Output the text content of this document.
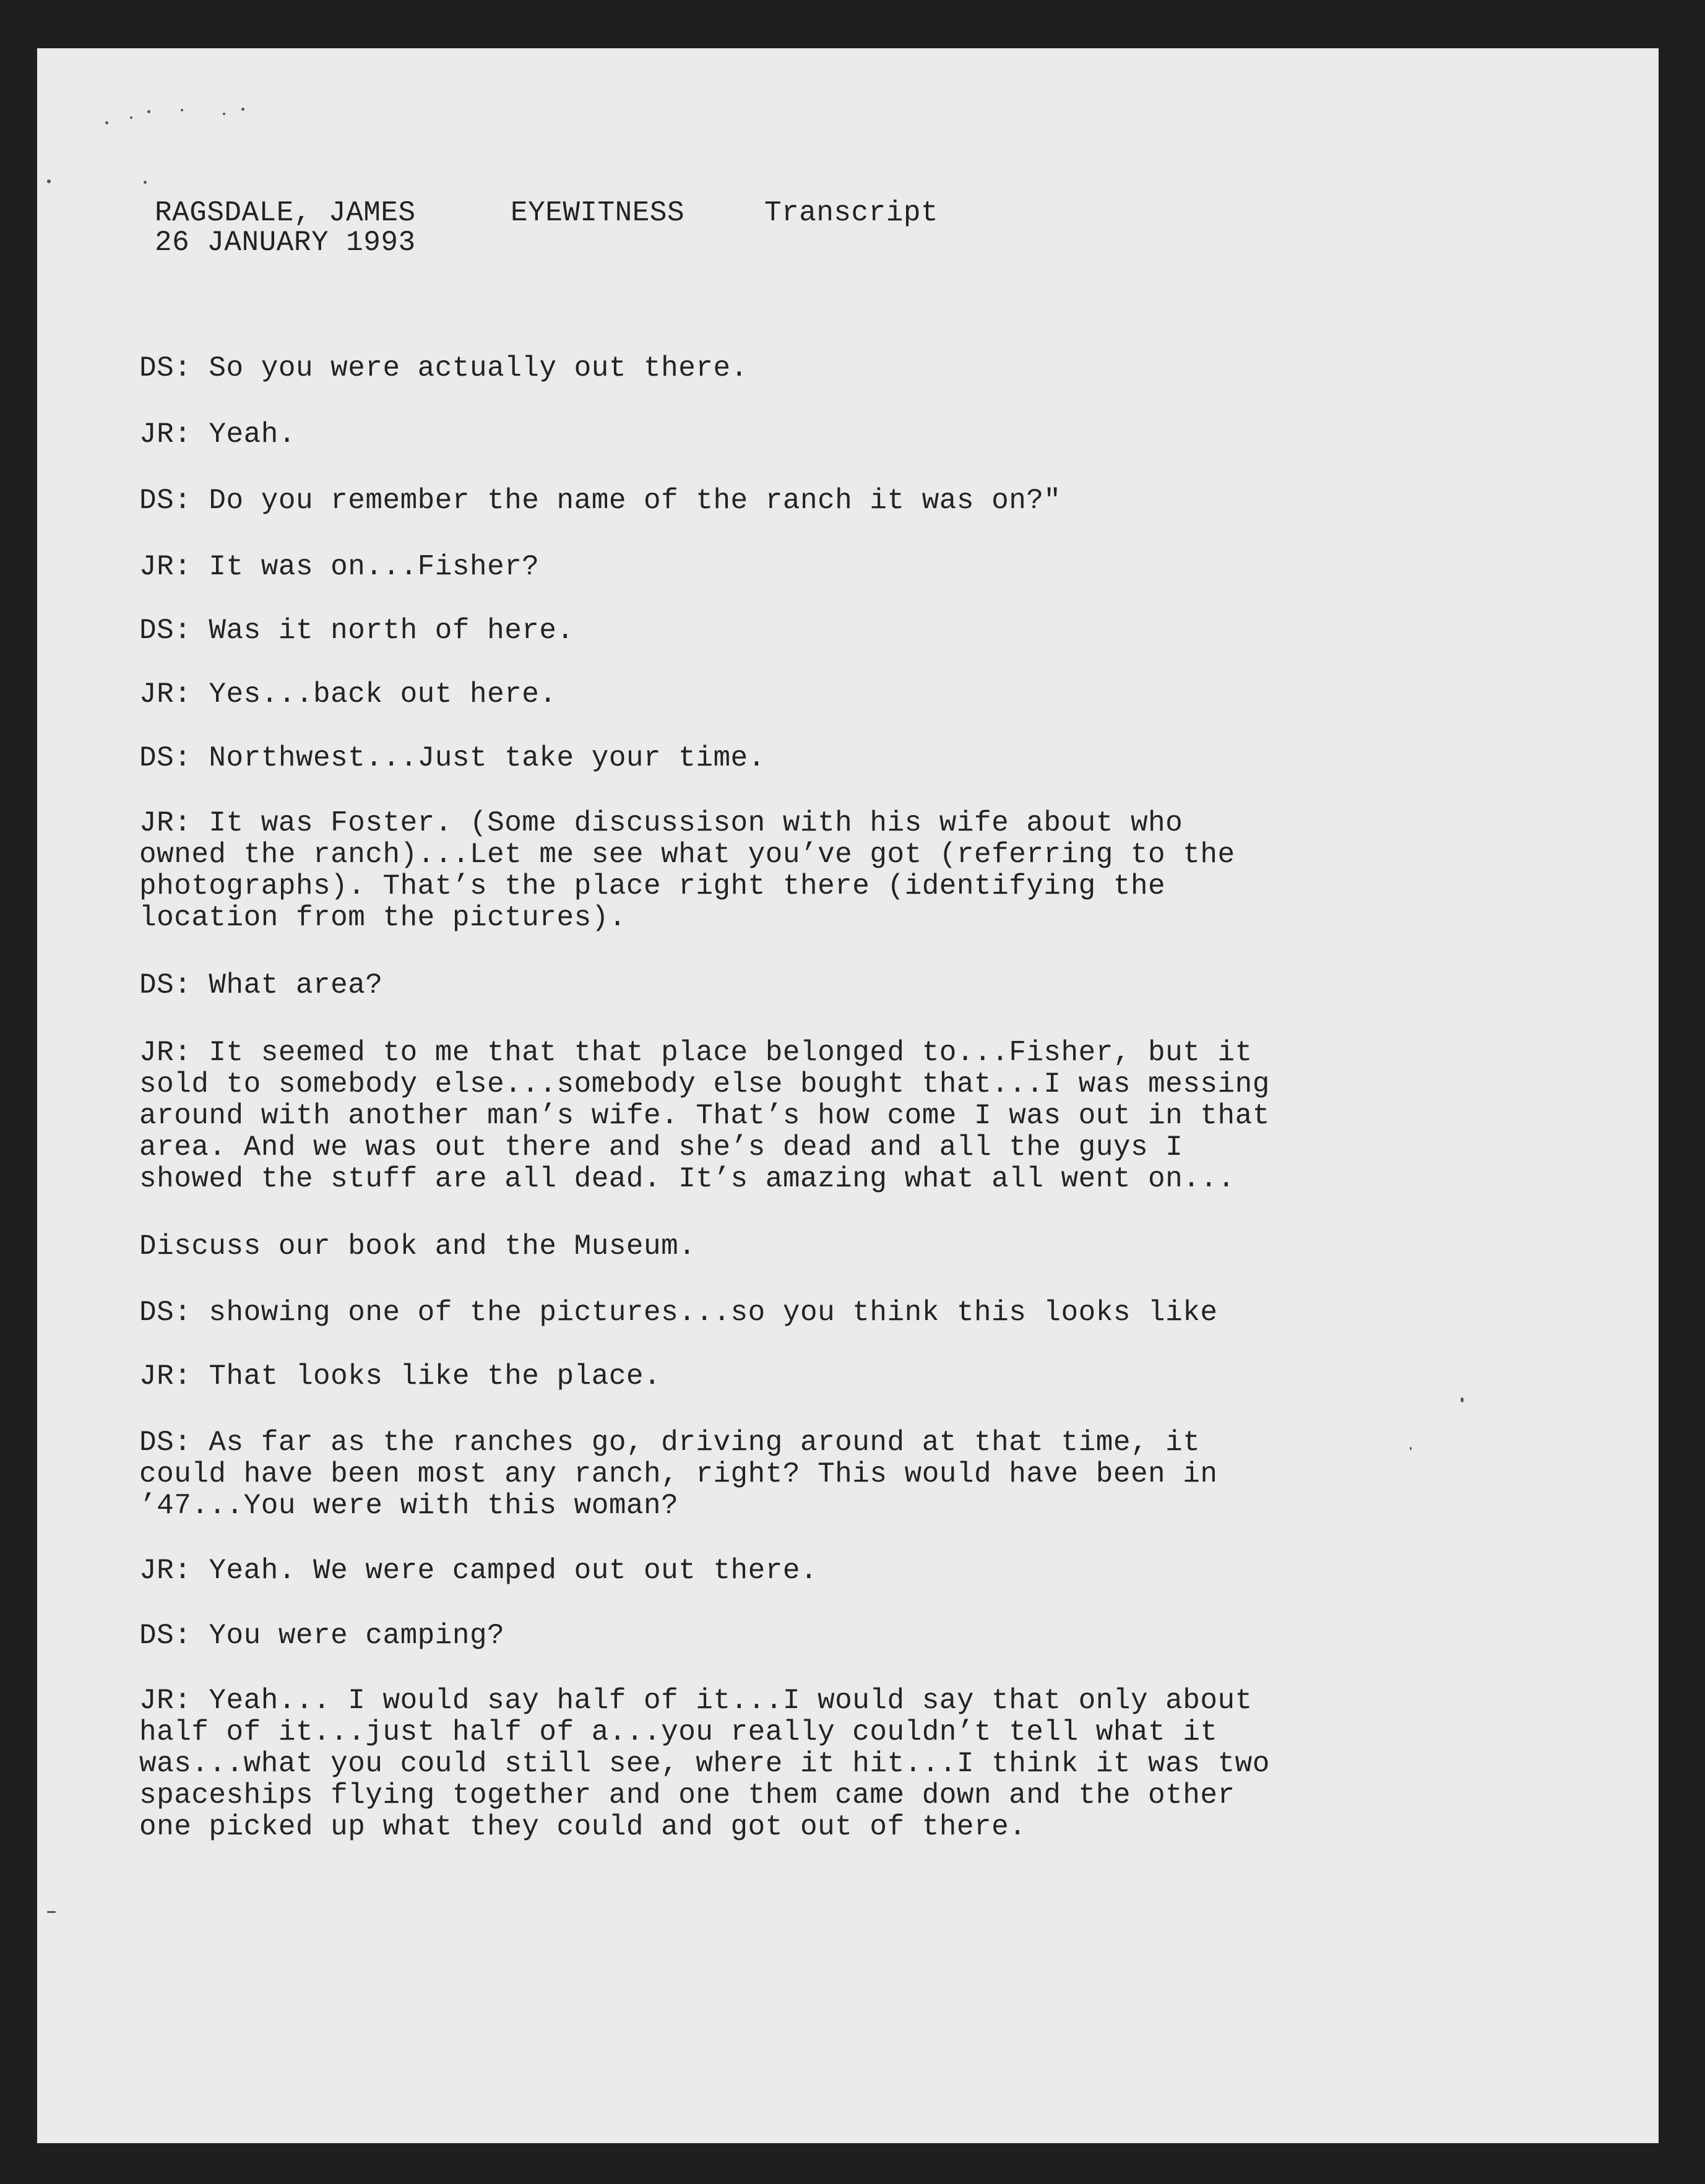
RAGSDALE, JAMES	EYEWITNESS	Transcript
26 JANUARY 1993

DS: So you were actually out there.

JR: Yeah.

DS: Do you remember the name of the ranch it was on?"

JR: It was on...Fisher?

DS: Was it north of here.

JR: Yes...back out here.

DS: Northwest...Just take your time.

JR: It was Foster. (Some discussison with his wife about who
owned the ranch)...Let me see what you’ve got (referring to the
photographs). That’s the place right there (identifying the
location from the pictures).

DS: What area?

JR: It seemed to me that that place belonged to...Fisher, but it
sold to somebody else...somebody else bought that...I was messing
around with another man’s wife. That’s how come I was out in that
area. And we was out there and she’s dead and all the guys I
showed the stuff are all dead. It’s amazing what all went on...

Discuss our book and the Museum.

DS: showing one of the pictures...so you think this looks like

JR: That looks like the place.

DS: As far as the ranches go, driving around at that time, it
could have been most any ranch, right? This would have been in
’47...You were with this woman?

JR: Yeah. We were camped out out there.

DS: You were camping?

JR: Yeah... I would say half of it...I would say that only about
half of it...just half of a...you really couldn’t tell what it
was...what you could still see, where it hit...I think it was two
spaceships flying together and one them came down and the other
one picked up what they could and got out of there.
